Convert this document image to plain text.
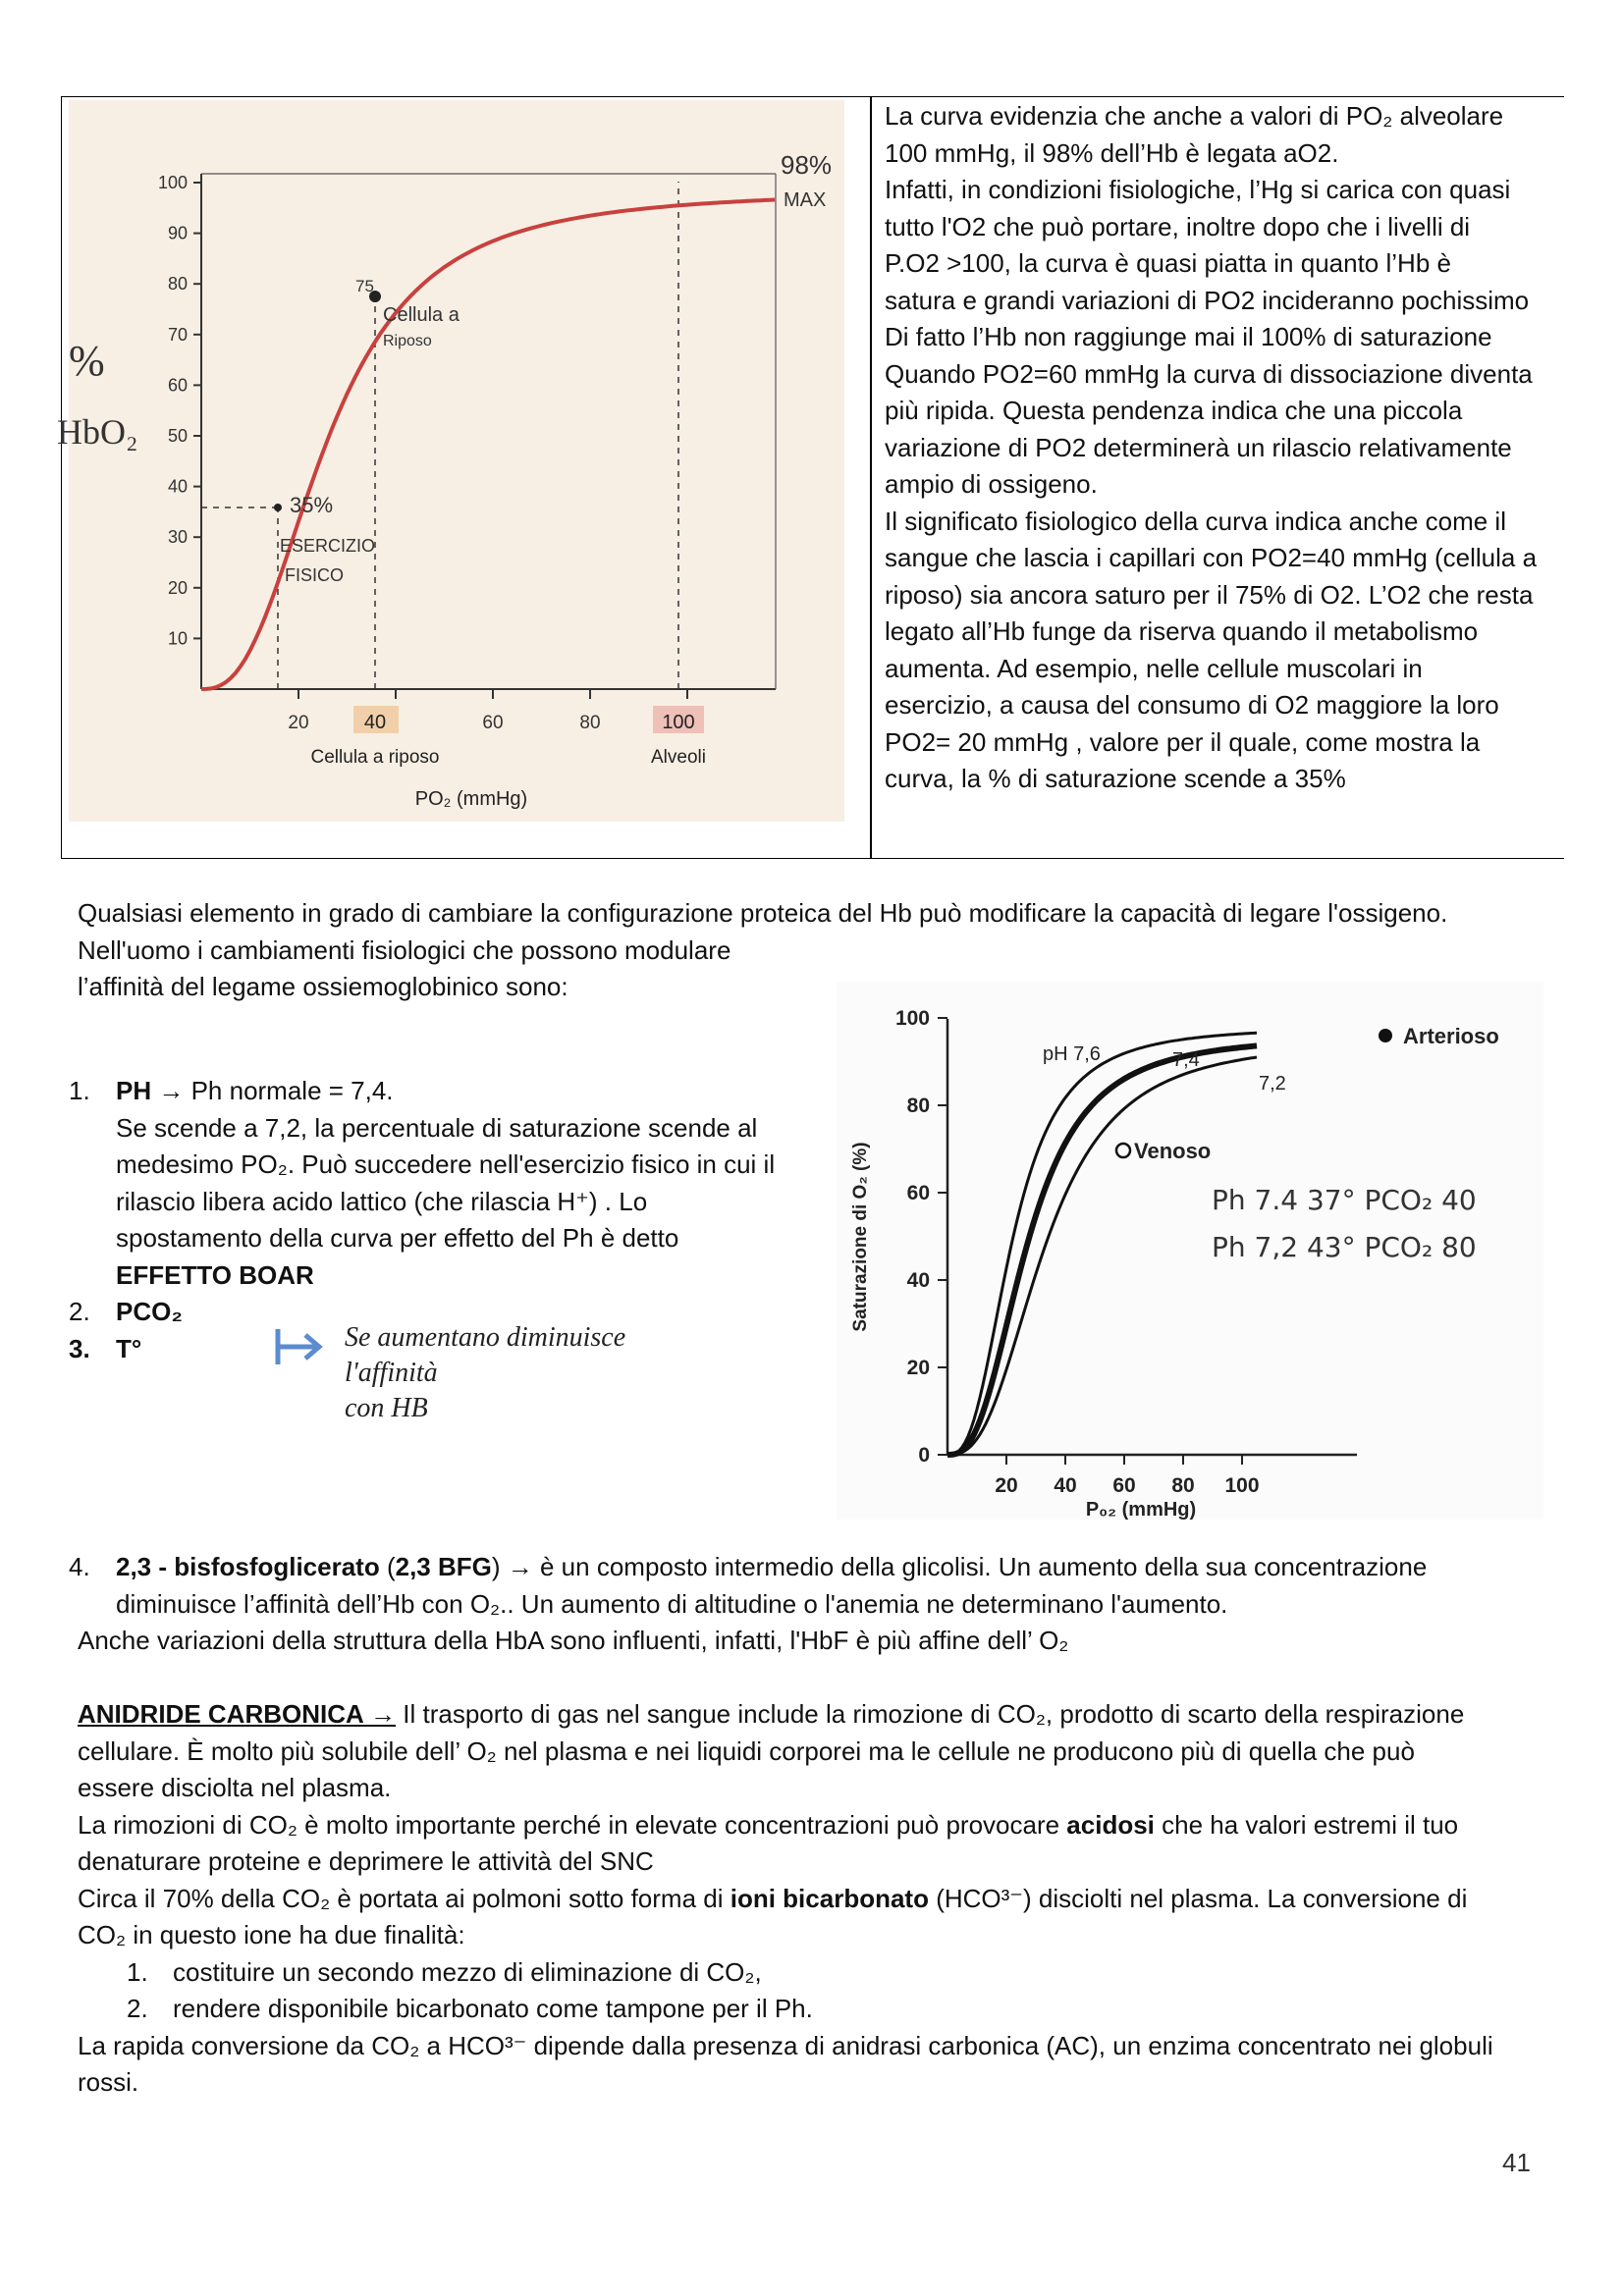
10
20
30
40
50
60
70
80
90
100
20	60	80
40	100
Cellula a riposo	Alveoli
PO₂ (mmHg)
%
HbO₂
98%
MAX
75
Cellula a
Riposo
35%
ESERCIZIO
FISICO
La curva evidenzia che anche a valori di PO₂ alveolare
100 mmHg, il 98% dell’Hb è legata aO2.
Infatti, in condizioni fisiologiche, l’Hg si carica con quasi
tutto l'O2 che può portare, inoltre dopo che i livelli di
P.O2 >100, la curva è quasi piatta in quanto l’Hb è
satura e grandi variazioni di PO2 incideranno pochissimo
Di fatto l’Hb non raggiunge mai il 100% di saturazione
Quando PO2=60 mmHg la curva di dissociazione diventa
più ripida. Questa pendenza indica che una piccola
variazione di PO2 determinerà un rilascio relativamente
ampio di ossigeno.
Il significato fisiologico della curva indica anche come il
sangue che lascia i capillari con PO2=40 mmHg (cellula a
riposo) sia ancora saturo per il 75% di O2. L’O2 che resta
legato all’Hb funge da riserva quando il metabolismo
aumenta. Ad esempio, nelle cellule muscolari in
esercizio, a causa del consumo di O2 maggiore la loro
PO2= 20 mmHg , valore per il quale, come mostra la
curva, la % di saturazione scende a 35%
Qualsiasi elemento in grado di cambiare la configurazione proteica del Hb può modificare la capacità di legare l'ossigeno.
Nell'uomo i cambiamenti fisiologici che possono modulare
l’affinità del legame ossiemoglobinico sono:
1.	PH → Ph normale = 7,4.
Se scende a 7,2, la percentuale di saturazione scende al
medesimo PO₂. Può succedere nell'esercizio fisico in cui il
rilascio libera acido lattico (che rilascia H⁺) . Lo
spostamento della curva per effetto del Ph è detto
EFFETTO BOAR
2.	PCO₂
3.	T°	Se aumentano diminuisce
l'affinità
con HB
0
20
40
60
80
100
20 40 60 80 100
Arterioso
Venoso
pH 7,6	7,4
7,2
Saturazione di O₂ (%)
P₀₂ (mmHg)
Ph 7.4 37° PCO₂ 40
Ph 7,2 43° PCO₂ 80
4. 2,3 - bisfosfoglicerato (2,3 BFG) → è un composto intermedio della glicolisi. Un aumento della sua concentrazione
diminuisce l’affinità dell’Hb con O₂.. Un aumento di altitudine o l'anemia ne determinano l'aumento.
Anche variazioni della struttura della HbA sono influenti, infatti, l'HbF è più affine dell’ O₂
ANIDRIDE CARBONICA → Il trasporto di gas nel sangue include la rimozione di CO₂, prodotto di scarto della respirazione
cellulare. È molto più solubile dell’ O₂ nel plasma e nei liquidi corporei ma le cellule ne producono più di quella che può
essere disciolta nel plasma.
La rimozioni di CO₂ è molto importante perché in elevate concentrazioni può provocare acidosi che ha valori estremi il tuo
denaturare proteine e deprimere le attività del SNC
Circa il 70% della CO₂ è portata ai polmoni sotto forma di ioni bicarbonato (HCO³⁻) disciolti nel plasma. La conversione di
CO₂ in questo ione ha due finalità:
1. costituire un secondo mezzo di eliminazione di CO₂,
2. rendere disponibile bicarbonato come tampone per il Ph.
La rapida conversione da CO₂ a HCO³⁻ dipende dalla presenza di anidrasi carbonica (AC), un enzima concentrato nei globuli
rossi.
41
